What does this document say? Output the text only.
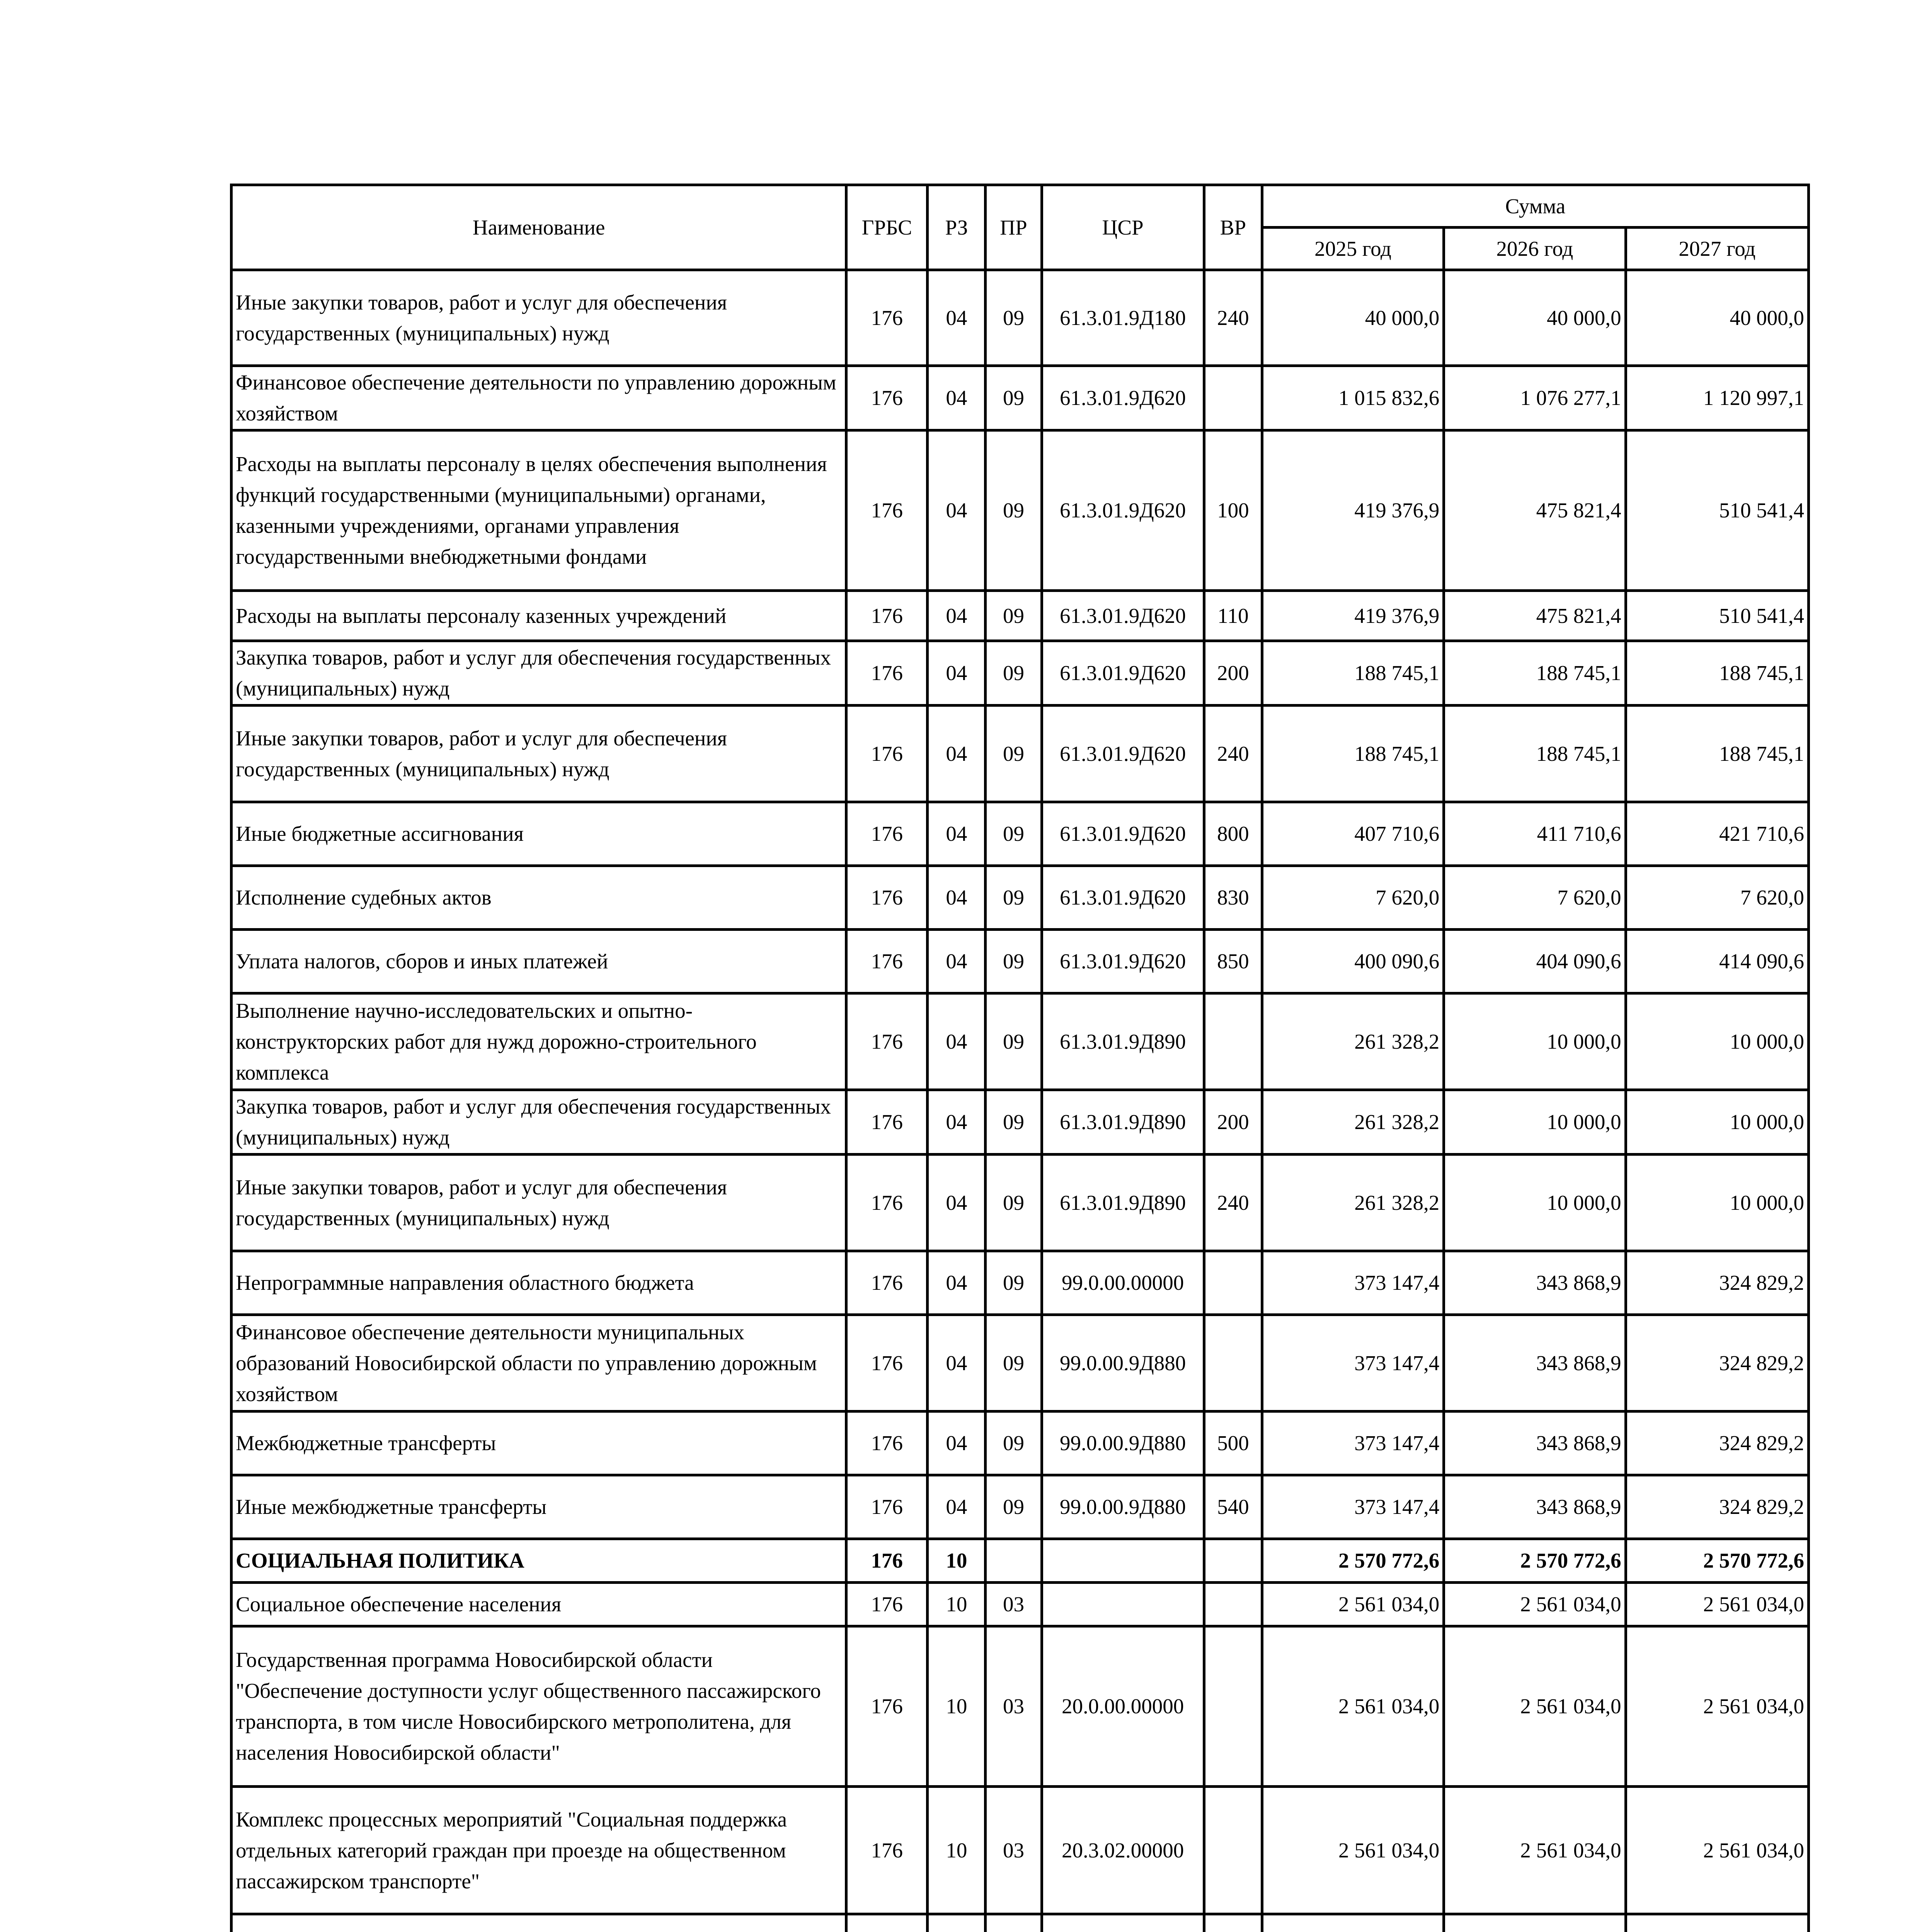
Наименование	ГРБС	РЗ	ПР	ЦСР	ВР	Сумма		
						2025 год	2026 год	2027 год
Иные закупки товаров, работ и услуг для обеспечения государственных (муниципальных) нужд	176	04	09	61.3.01.9Д180	240	40 000,0	40 000,0	40 000,0
Финансовое обеспечение деятельности по управлению дорожным хозяйством	176	04	09	61.3.01.9Д620		1 015 832,6	1 076 277,1	1 120 997,1
Расходы на выплаты персоналу в целях обеспечения выполнения функций государственными (муниципальными) органами, казенными учреждениями, органами управления государственными внебюджетными фондами	176	04	09	61.3.01.9Д620	100	419 376,9	475 821,4	510 541,4
Расходы на выплаты персоналу казенных учреждений	176	04	09	61.3.01.9Д620	110	419 376,9	475 821,4	510 541,4
Закупка товаров, работ и услуг для обеспечения государственных (муниципальных) нужд	176	04	09	61.3.01.9Д620	200	188 745,1	188 745,1	188 745,1
Иные закупки товаров, работ и услуг для обеспечения государственных (муниципальных) нужд	176	04	09	61.3.01.9Д620	240	188 745,1	188 745,1	188 745,1
Иные бюджетные ассигнования	176	04	09	61.3.01.9Д620	800	407 710,6	411 710,6	421 710,6
Исполнение судебных актов	176	04	09	61.3.01.9Д620	830	7 620,0	7 620,0	7 620,0
Уплата налогов, сборов и иных платежей	176	04	09	61.3.01.9Д620	850	400 090,6	404 090,6	414 090,6
Выполнение научно-исследовательских и опытно-конструкторских работ для нужд дорожно-строительного комплекса	176	04	09	61.3.01.9Д890		261 328,2	10 000,0	10 000,0
Закупка товаров, работ и услуг для обеспечения государственных (муниципальных) нужд	176	04	09	61.3.01.9Д890	200	261 328,2	10 000,0	10 000,0
Иные закупки товаров, работ и услуг для обеспечения государственных (муниципальных) нужд	176	04	09	61.3.01.9Д890	240	261 328,2	10 000,0	10 000,0
Непрограммные направления областного бюджета	176	04	09	99.0.00.00000		373 147,4	343 868,9	324 829,2
Финансовое обеспечение деятельности муниципальных образований Новосибирской области по управлению дорожным хозяйством	176	04	09	99.0.00.9Д880		373 147,4	343 868,9	324 829,2
Межбюджетные трансферты	176	04	09	99.0.00.9Д880	500	373 147,4	343 868,9	324 829,2
Иные межбюджетные трансферты	176	04	09	99.0.00.9Д880	540	373 147,4	343 868,9	324 829,2
СОЦИАЛЬНАЯ ПОЛИТИКА	176	10				2 570 772,6	2 570 772,6	2 570 772,6
Социальное обеспечение населения	176	10	03			2 561 034,0	2 561 034,0	2 561 034,0
Государственная программа Новосибирской области "Обеспечение доступности услуг общественного пассажирского транспорта, в том числе Новосибирского метрополитена, для населения Новосибирской области"	176	10	03	20.0.00.00000		2 561 034,0	2 561 034,0	2 561 034,0
Комплекс процессных мероприятий "Социальная поддержка отдельных категорий граждан при проезде на общественном пассажирском транспорте"	176	10	03	20.3.02.00000		2 561 034,0	2 561 034,0	2 561 034,0
